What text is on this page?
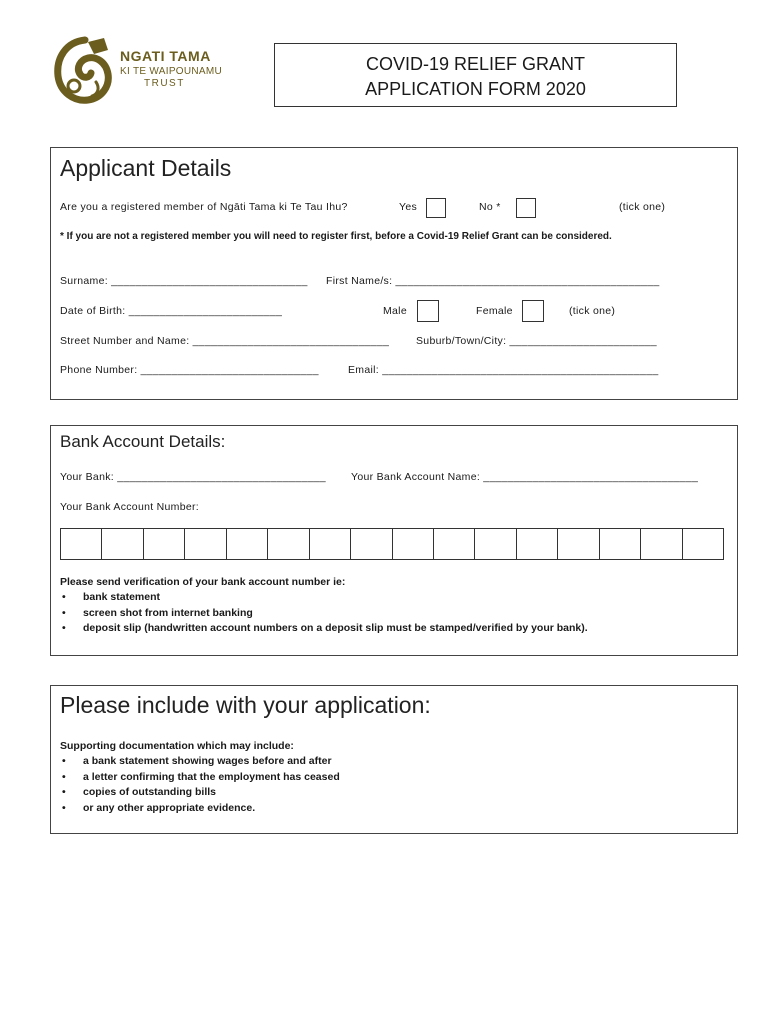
NGATI TAMA
KI TE WAIPOUNAMU
TRUST
COVID-19 RELIEF GRANT
APPLICATION FORM 2020
Applicant Details
Are you a registered member of Ngāti Tama ki Te Tau Ihu?	Yes	No *	(tick one)
* If you are not a registered member you will need to register first, before a Covid-19 Relief Grant can be considered.
Surname: ________________________________ First Name/s: ___________________________________________
Date of Birth: _________________________	Male	Female	(tick one)
Street Number and Name: ________________________________	Suburb/Town/City: ________________________
Phone Number: _____________________________	Email: _____________________________________________
Bank Account Details:
Your Bank: __________________________________ Your Bank Account Name: ___________________________________
Your Bank Account Number:
Please send verification of your bank account number ie:
• bank statement
• screen shot from internet banking
• deposit slip (handwritten account numbers on a deposit slip must be stamped/verified by your bank).
Please include with your application:
Supporting documentation which may include:
• a bank statement showing wages before and after
• a letter confirming that the employment has ceased
• copies of outstanding bills
• or any other appropriate evidence.
